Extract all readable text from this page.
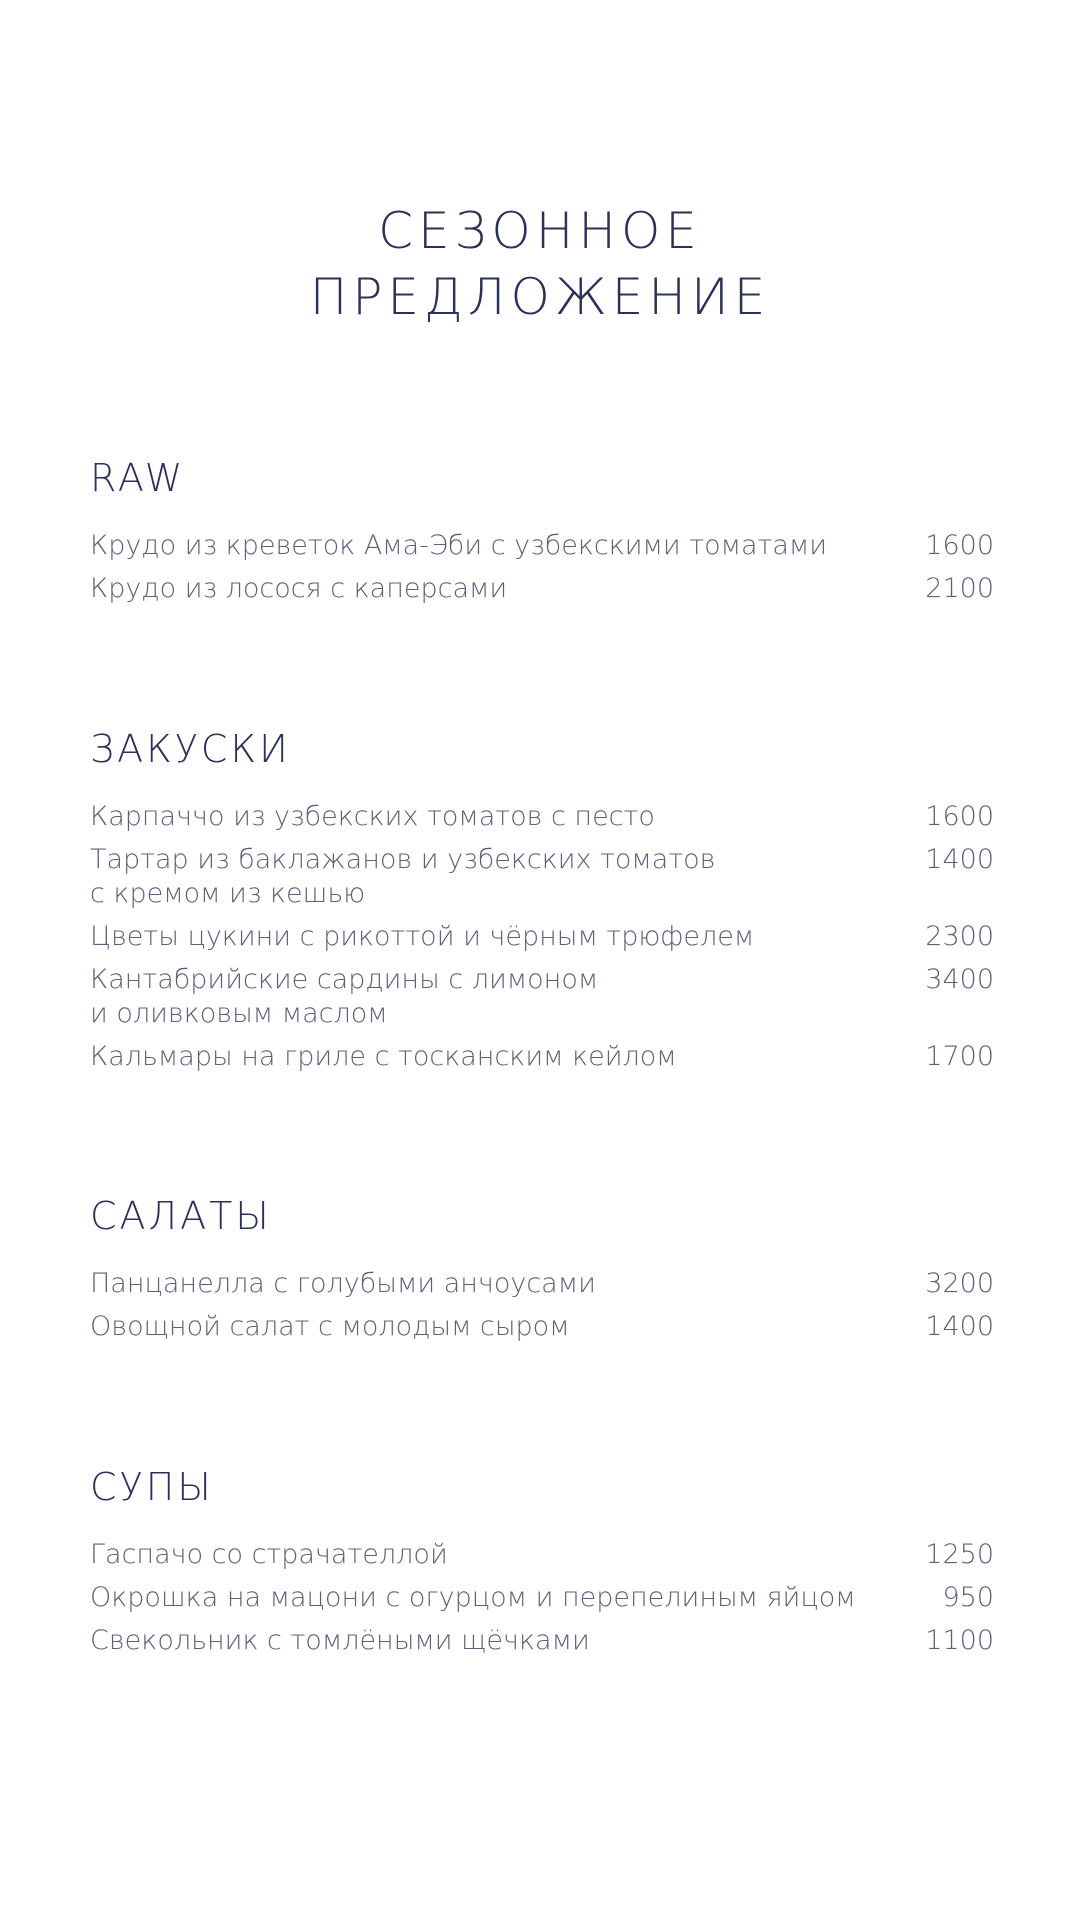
СЕЗОННОЕ
ПРЕДЛОЖЕНИЕ
RAW
Крудо из креветок Ама-Эби с узбекскими томатами	1600
Крудо из лосося с каперсами	2100
ЗАКУСКИ
Карпаччо из узбекских томатов с песто	1600
Тартар из баклажанов и узбекских томатов
с кремом из кешью
1400
Цветы цукини с рикоттой и чёрным трюфелем	2300
Кантабрийские сардины с лимоном
и оливковым маслом
3400
Кальмары на гриле с тосканским кейлом	1700
САЛАТЫ
Панцанелла с голубыми анчоусами	3200
Овощной салат с молодым сыром	1400
СУПЫ
Гаспачо со страчателлой	1250
Окрошка на мацони с огурцом и перепелиным яйцом	950
Свекольник с томлёными щёчками	1100
